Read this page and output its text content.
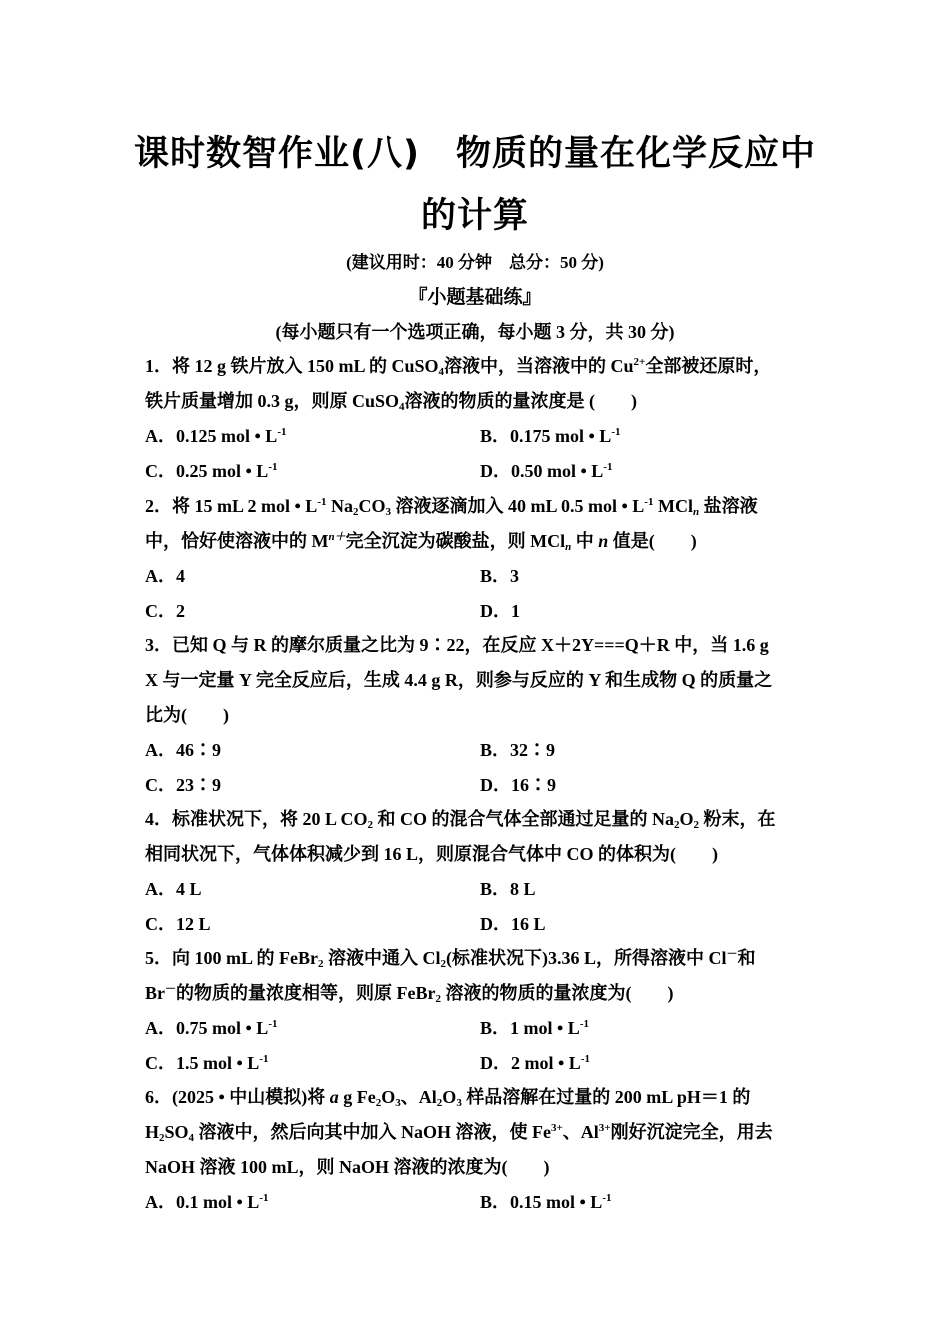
课时数智作业(八)　物质的量在化学反应中
的计算
(建议用时：40 分钟　总分：50 分)
『小题基础练』
(每小题只有一个选项正确，每小题 3 分，共 30 分)
1．将 12 g 铁片放入 150 mL 的 CuSO$_4$溶液中，当溶液中的 $Cu^{2+}$全部被还原时，
铁片质量增加 0.3 g，则原 CuSO$_4$溶液的物质的量浓度是 (　　)
A．0.125 mol • $L^{-1}$	B．0.175 mol • $L^{-1}$
C．0.25 mol • $L^{-1}$	D．0.50 mol • $L^{-1}$
2．将 15 mL 2 mol • $L^{-1}$ $Na_2CO_3$ 溶液逐滴加入 40 mL 0.5 mol • $L^{-1}$ MCl$_n$ 盐溶液
中，恰好使溶液中的 $M^{n+}$完全沉淀为碳酸盐，则 MCl$_n$ 中 n 值是(　　)
A．4	B．3
C．2	D．1
3．已知 Q 与 R 的摩尔质量之比为 9∶22，在反应 X＋2Y===Q＋R 中，当 1.6 g
X 与一定量 Y 完全反应后，生成 4.4 g R，则参与反应的 Y 和生成物 Q 的质量之
比为(　　)
A．46∶9	B．32∶9
C．23∶9	D．16∶9
4．标准状况下，将 20 L $CO_2$ 和 CO 的混合气体全部通过足量的 $Na_2O_2$ 粉末，在
相同状况下，气体体积减少到 16 L，则原混合气体中 CO 的体积为(　　)
A．4 L	B．8 L
C．12 L	D．16 L
5．向 100 mL 的 FeBr$_2$ 溶液中通入 $Cl_2$(标准状况下)3.36 L，所得溶液中 Cl－和
Br－的物质的量浓度相等，则原 FeBr$_2$ 溶液的物质的量浓度为(　　)
A．0.75 mol • $L^{-1}$	B．1 mol • $L^{-1}$
C．1.5 mol • $L^{-1}$	D．2 mol • $L^{-1}$
6．(2025 • 中山模拟)将 a g $Fe_2O_3$、$Al_2O_3$ 样品溶解在过量的 200 mL pH＝1 的
$H_2SO_4$ 溶液中，然后向其中加入 NaOH 溶液，使 $Fe^{3+}$、$Al^{3+}$刚好沉淀完全，用去
NaOH 溶液 100 mL，则 NaOH 溶液的浓度为(　　)
A．0.1 mol • $L^{-1}$	B．0.15 mol • $L^{-1}$
